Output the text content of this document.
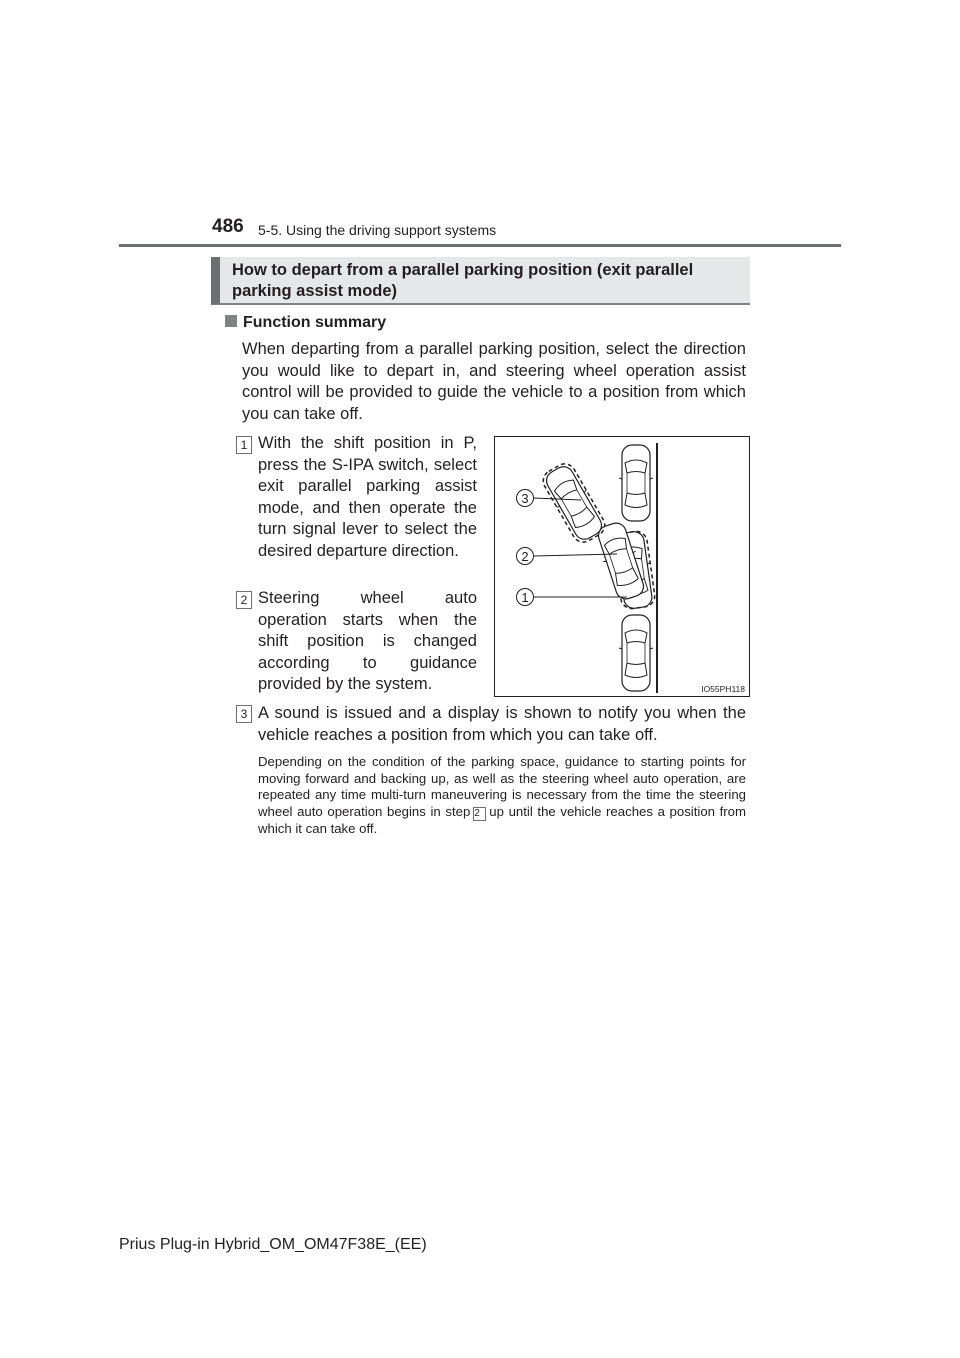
486 5-5. Using the driving support systems
How to depart from a parallel parking position (exit parallel parking assist mode)
Function summary
When departing from a parallel parking position, select the direction you would like to depart in, and steering wheel operation assist control will be provided to guide the vehicle to a position from which you can take off.
1 With the shift position in P, press the S-IPA switch, select exit parallel parking assist mode, and then operate the turn signal lever to select the desired departure direction.
2 Steering wheel auto operation starts when the shift position is changed according to guidance provided by the system.
3 A sound is issued and a display is shown to notify you when the vehicle reaches a position from which you can take off.
Depending on the condition of the parking space, guidance to starting points for moving forward and backing up, as well as the steering wheel auto operation, are repeated any time multi-turn maneuvering is necessary from the time the steering wheel auto operation begins in step 2 up until the vehicle reaches a position from which it can take off.
3
2
1
IO55PH118
Prius Plug-in Hybrid_OM_OM47F38E_(EE)
